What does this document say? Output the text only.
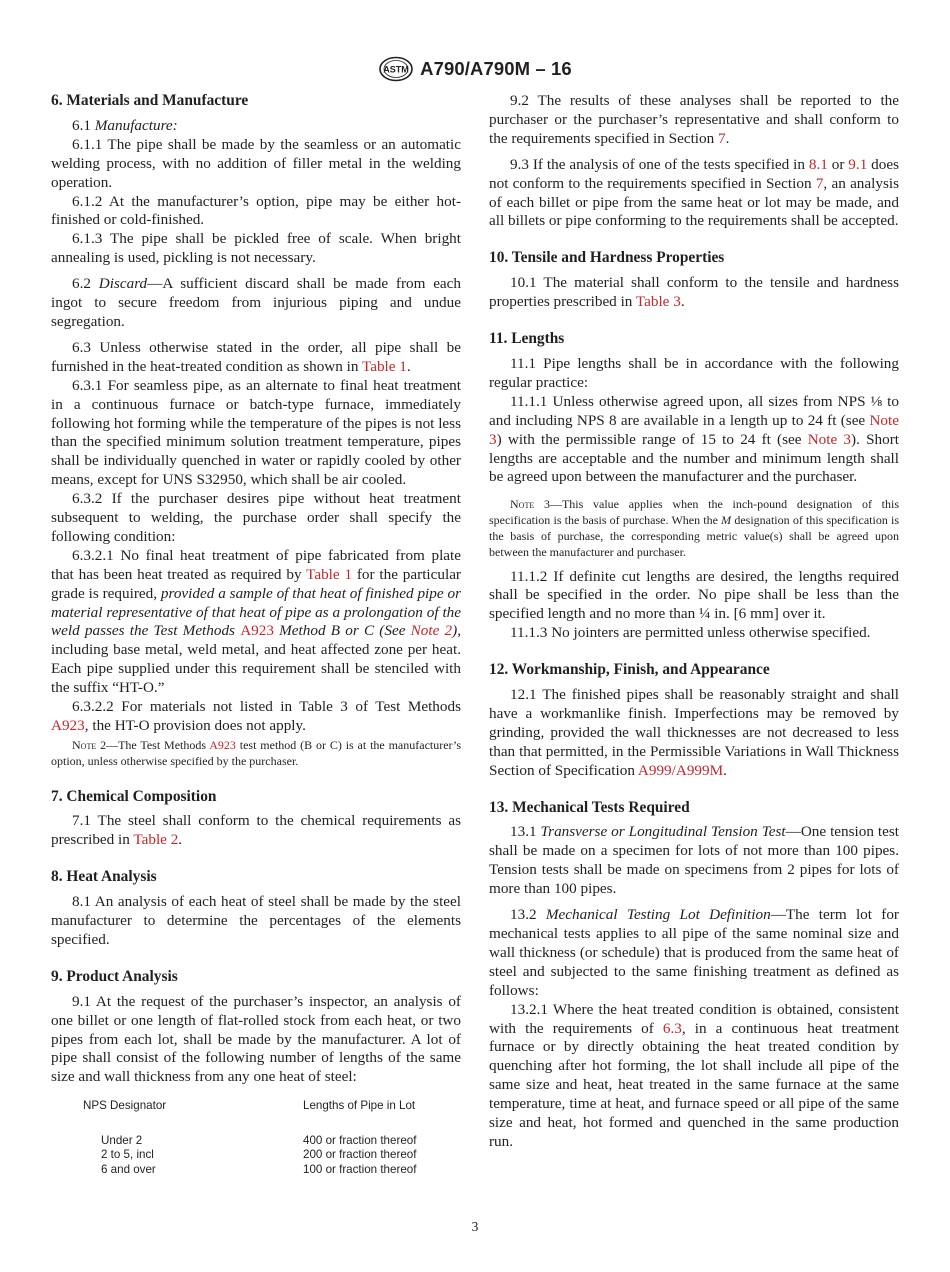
ASTM A790/A790M – 16
6. Materials and Manufacture

6.1 Manufacture:

6.1.1 The pipe shall be made by the seamless or an automatic welding process, with no addition of filler metal in the welding operation.

6.1.2 At the manufacturer’s option, pipe may be either hot-finished or cold-finished.

6.1.3 The pipe shall be pickled free of scale. When bright annealing is used, pickling is not necessary.

6.2 Discard—A sufficient discard shall be made from each ingot to secure freedom from injurious piping and undue segregation.

6.3 Unless otherwise stated in the order, all pipe shall be furnished in the heat-treated condition as shown in Table 1.

6.3.1 For seamless pipe, as an alternate to final heat treatment in a continuous furnace or batch-type furnace, immediately following hot forming while the temperature of the pipes is not less than the specified minimum solution treatment temperature, pipes shall be individually quenched in water or rapidly cooled by other means, except for UNS S32950, which shall be air cooled.

6.3.2 If the purchaser desires pipe without heat treatment subsequent to welding, the purchase order shall specify the following condition:

6.3.2.1 No final heat treatment of pipe fabricated from plate that has been heat treated as required by Table 1 for the particular grade is required, provided a sample of that heat of finished pipe or material representative of that heat of pipe as a prolongation of the weld passes the Test Methods A923 Method B or C (See Note 2), including base metal, weld metal, and heat affected zone per heat. Each pipe supplied under this requirement shall be stenciled with the suffix “HT-O.”

6.3.2.2 For materials not listed in Table 3 of Test Methods A923, the HT-O provision does not apply.

Note 2—The Test Methods A923 test method (B or C) is at the manufacturer’s option, unless otherwise specified by the purchaser.
7. Chemical Composition

7.1 The steel shall conform to the chemical requirements as prescribed in Table 2.

8. Heat Analysis

8.1 An analysis of each heat of steel shall be made by the steel manufacturer to determine the percentages of the elements specified.

9. Product Analysis

9.1 At the request of the purchaser’s inspector, an analysis of one billet or one length of flat-rolled stock from each heat, or two pipes from each lot, shall be made by the manufacturer. A lot of pipe shall consist of the following number of lengths of the same size and wall thickness from any one heat of steel:

NPS Designator	Lengths of Pipe in Lot
Under 2	400 or fraction thereof
2 to 5, incl	200 or fraction thereof
6 and over	100 or fraction thereof

9.2 The results of these analyses shall be reported to the purchaser or the purchaser’s representative and shall conform to the requirements specified in Section 7.

9.3 If the analysis of one of the tests specified in 8.1 or 9.1 does not conform to the requirements specified in Section 7, an analysis of each billet or pipe from the same heat or lot may be made, and all billets or pipe conforming to the requirements shall be accepted.

10. Tensile and Hardness Properties

10.1 The material shall conform to the tensile and hardness properties prescribed in Table 3.

11. Lengths

11.1 Pipe lengths shall be in accordance with the following regular practice:

11.1.1 Unless otherwise agreed upon, all sizes from NPS ⅛ to and including NPS 8 are available in a length up to 24 ft (see Note 3) with the permissible range of 15 to 24 ft (see Note 3). Short lengths are acceptable and the number and minimum length shall be agreed upon between the manufacturer and the purchaser.

Note 3—This value applies when the inch-pound designation of this specification is the basis of purchase. When the M designation of this specification is the basis of purchase, the corresponding metric value(s) shall be agreed upon between the manufacturer and purchaser.

11.1.2 If definite cut lengths are desired, the lengths required shall be specified in the order. No pipe shall be less than the specified length and no more than ¼ in. [6 mm] over it.

11.1.3 No jointers are permitted unless otherwise specified.

12. Workmanship, Finish, and Appearance

12.1 The finished pipes shall be reasonably straight and shall have a workmanlike finish. Imperfections may be removed by grinding, provided the wall thicknesses are not decreased to less than that permitted, in the Permissible Variations in Wall Thickness Section of Specification A999/A999M.

13. Mechanical Tests Required

13.1 Transverse or Longitudinal Tension Test—One tension test shall be made on a specimen for lots of not more than 100 pipes. Tension tests shall be made on specimens from 2 pipes for lots of more than 100 pipes.

13.2 Mechanical Testing Lot Definition—The term lot for mechanical tests applies to all pipe of the same nominal size and wall thickness (or schedule) that is produced from the same heat of steel and subjected to the same finishing treatment as defined as follows:

13.2.1 Where the heat treated condition is obtained, consistent with the requirements of 6.3, in a continuous heat treatment furnace or by directly obtaining the heat treated condition by quenching after hot forming, the lot shall include all pipe of the same size and heat, heat treated in the same furnace at the same temperature, time at heat, and furnace speed or all pipe of the same size and heat, hot formed and quenched in the same production run.

3
